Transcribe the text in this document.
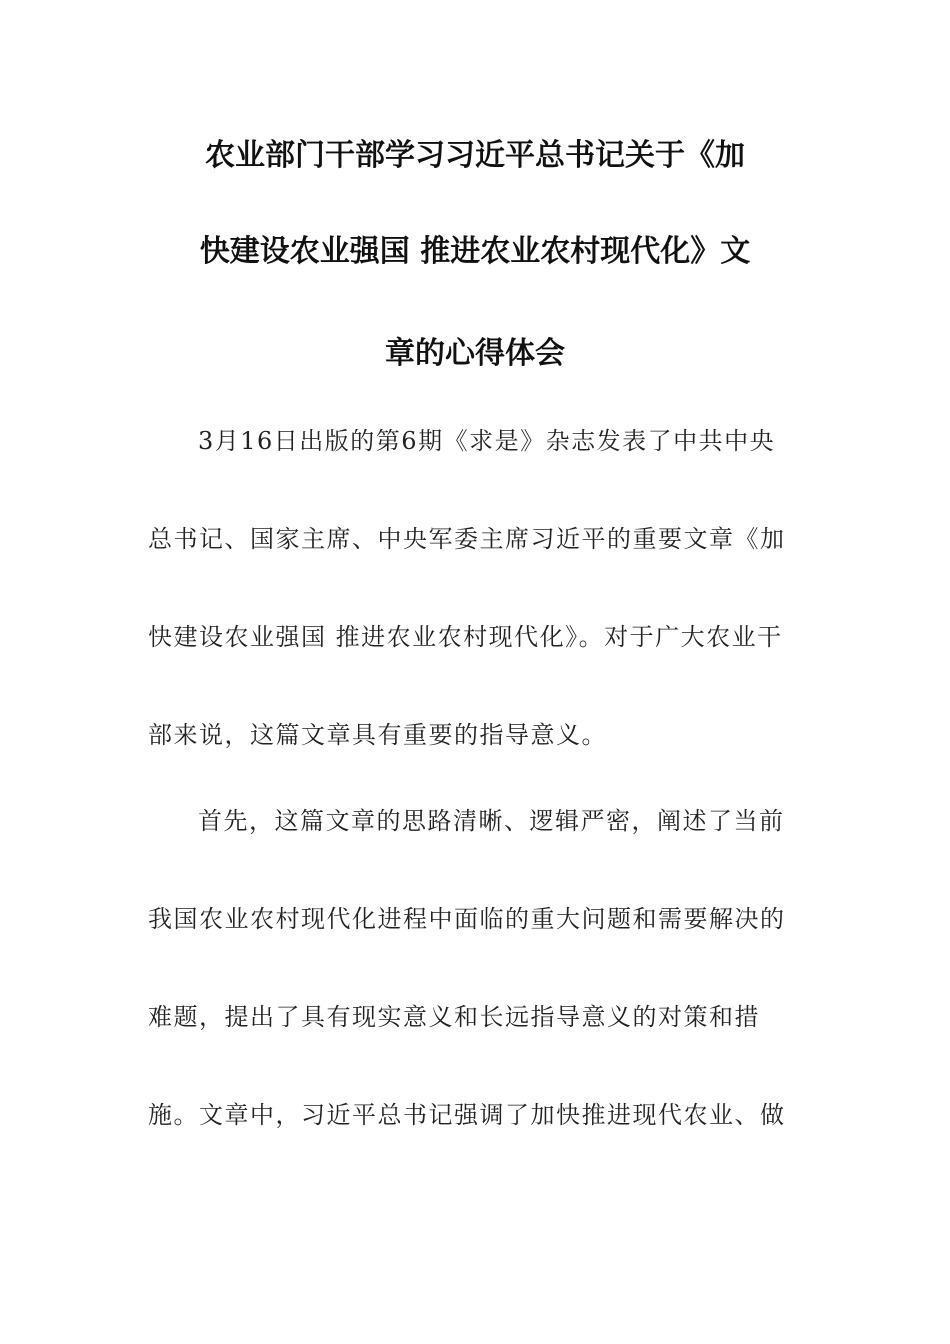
农业部门干部学习习近平总书记关于《加
快建设农业强国 推进农业农村现代化》文
章的心得体会
3月16日出版的第6期《求是》杂志发表了中共中央
总书记、国家主席、中央军委主席习近平的重要文章《加
快建设农业强国 推进农业农村现代化》。对于广大农业干
部来说，这篇文章具有重要的指导意义。
首先，这篇文章的思路清晰、逻辑严密，阐述了当前
我国农业农村现代化进程中面临的重大问题和需要解决的
难题，提出了具有现实意义和长远指导意义的对策和措
施。文章中，习近平总书记强调了加快推进现代农业、做
